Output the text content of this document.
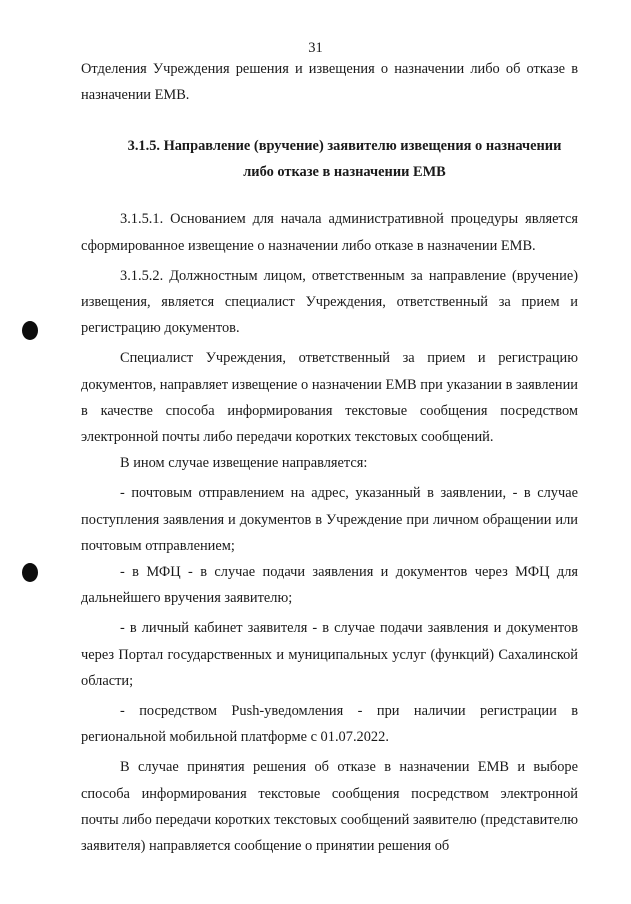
31

Отделения Учреждения решения и извещения о назначении либо об отказе в назначении ЕМВ.

3.1.5. Направление (вручение) заявителю извещения о назначении либо отказе в назначении ЕМВ

3.1.5.1. Основанием для начала административной процедуры является сформированное извещение о назначении либо отказе в назначении ЕМВ.

3.1.5.2. Должностным лицом, ответственным за направление (вручение) извещения, является специалист Учреждения, ответственный за прием и регистрацию документов.

Специалист Учреждения, ответственный за прием и регистрацию документов, направляет извещение о назначении ЕМВ при указании в заявлении в качестве способа информирования текстовые сообщения посредством электронной почты либо передачи коротких текстовых сообщений.

В ином случае извещение направляется:

- почтовым отправлением на адрес, указанный в заявлении, - в случае поступления заявления и документов в Учреждение при личном обращении или почтовым отправлением;

- в МФЦ - в случае подачи заявления и документов через МФЦ для дальнейшего вручения заявителю;

- в личный кабинет заявителя - в случае подачи заявления и документов через Портал государственных и муниципальных услуг (функций) Сахалинской области;

- посредством Push-уведомления - при наличии регистрации в региональной мобильной платформе с 01.07.2022.

В случае принятия решения об отказе в назначении ЕМВ и выборе способа информирования текстовые сообщения посредством электронной почты либо передачи коротких текстовых сообщений заявителю (представителю заявителя) направляется сообщение о принятии решения об
